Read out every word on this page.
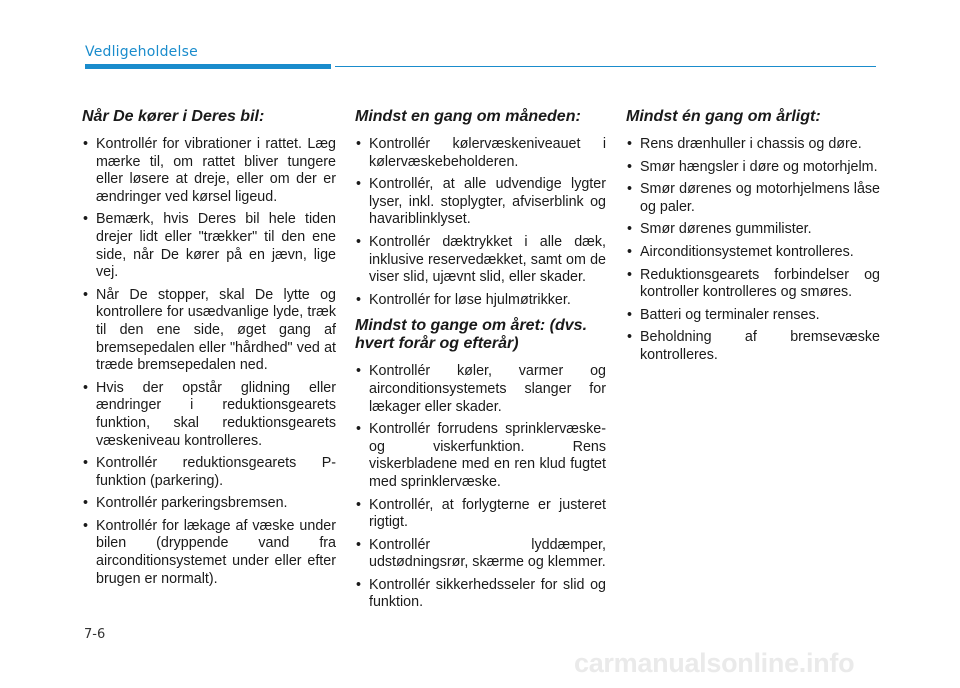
Vedligeholdelse
Når De kører i Deres bil:
• Kontrollér for vibrationer i rattet. Læg mærke til, om rattet bliver tungere eller løsere at dreje, eller om der er ændringer ved kørsel ligeud.
• Bemærk, hvis Deres bil hele tiden drejer lidt eller "trækker" til den ene side, når De kører på en jævn, lige vej.
• Når De stopper, skal De lytte og kontrollere for usædvanlige lyde, træk til den ene side, øget gang af bremsepedalen eller "hårdhed" ved at træde bremsepedalen ned.
• Hvis der opstår glidning eller ændringer i reduktionsgearets funktion, skal reduktionsgearets væskeniveau kontrolleres.
• Kontrollér reduktionsgearets P-funktion (parkering).
• Kontrollér parkeringsbremsen.
• Kontrollér for lækage af væske under bilen (dryppende vand fra airconditionsystemet under eller efter brugen er normalt).
Mindst en gang om måneden:
• Kontrollér kølervæskeniveauet i kølervæskebeholderen.
• Kontrollér, at alle udvendige lygter lyser, inkl. stoplygter, afviserblink og havariblinklyset.
• Kontrollér dæktrykket i alle dæk, inklusive reservedækket, samt om de viser slid, ujævnt slid, eller skader.
• Kontrollér for løse hjulmøtrikker.
Mindst to gange om året: (dvs. hvert forår og efterår)
• Kontrollér køler, varmer og airconditionsystemets slanger for lækager eller skader.
• Kontrollér forrudens sprinklervæske- og viskerfunktion. Rens viskerbladene med en ren klud fugtet med sprinklervæske.
• Kontrollér, at forlygterne er justeret rigtigt.
• Kontrollér lyddæmper, udstødningsrør, skærme og klemmer.
• Kontrollér sikkerhedsseler for slid og funktion.
Mindst én gang om årligt:
• Rens drænhuller i chassis og døre.
• Smør hængsler i døre og motorhjelm.
• Smør dørenes og motorhjelmens låse og paler.
• Smør dørenes gummilister.
• Airconditionsystemet kontrolleres.
• Reduktionsgearets forbindelser og kontroller kontrolleres og smøres.
• Batteri og terminaler renses.
• Beholdning af bremsevæske kontrolleres.
7-6
carmanualsonline.info
